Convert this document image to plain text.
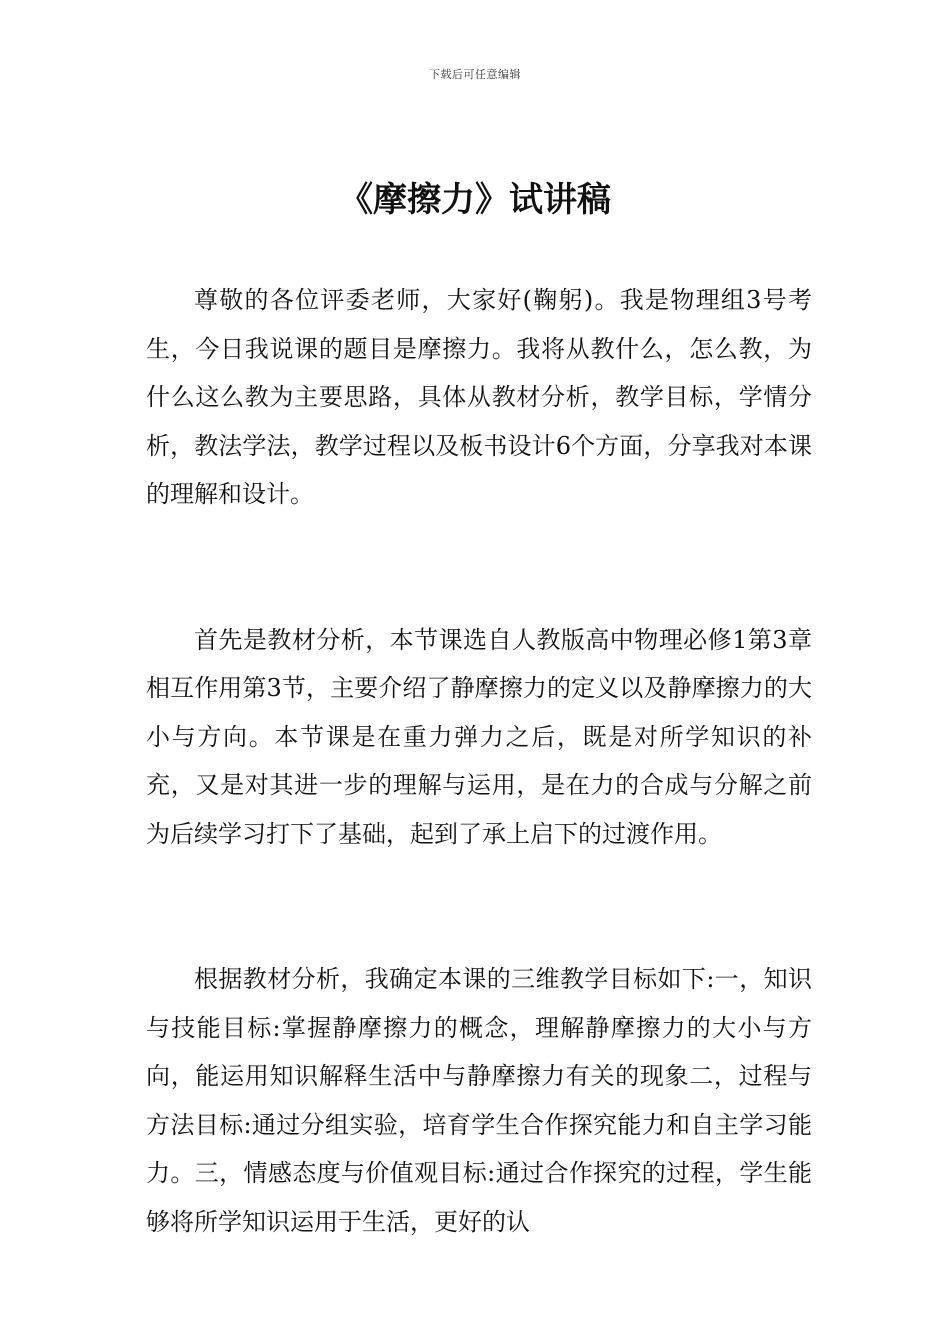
下载后可任意编辑
《摩擦力》试讲稿

尊敬的各位评委老师，大家好(鞠躬)。我是物理组3号考生，今日我说课的题目是摩擦力。我将从教什么，怎么教，为什么这么教为主要思路，具体从教材分析，教学目标，学情分析，教法学法，教学过程以及板书设计6个方面，分享我对本课的理解和设计。

首先是教材分析，本节课选自人教版高中物理必修1第3章相互作用第3节，主要介绍了静摩擦力的定义以及静摩擦力的大小与方向。本节课是在重力弹力之后，既是对所学知识的补充，又是对其进一步的理解与运用，是在力的合成与分解之前为后续学习打下了基础，起到了承上启下的过渡作用。

根据教材分析，我确定本课的三维教学目标如下:一，知识与技能目标:掌握静摩擦力的概念，理解静摩擦力的大小与方向，能运用知识解释生活中与静摩擦力有关的现象二，过程与方法目标:通过分组实验，培育学生合作探究能力和自主学习能力。三，情感态度与价值观目标:通过合作探究的过程，学生能够将所学知识运用于生活，更好的认
